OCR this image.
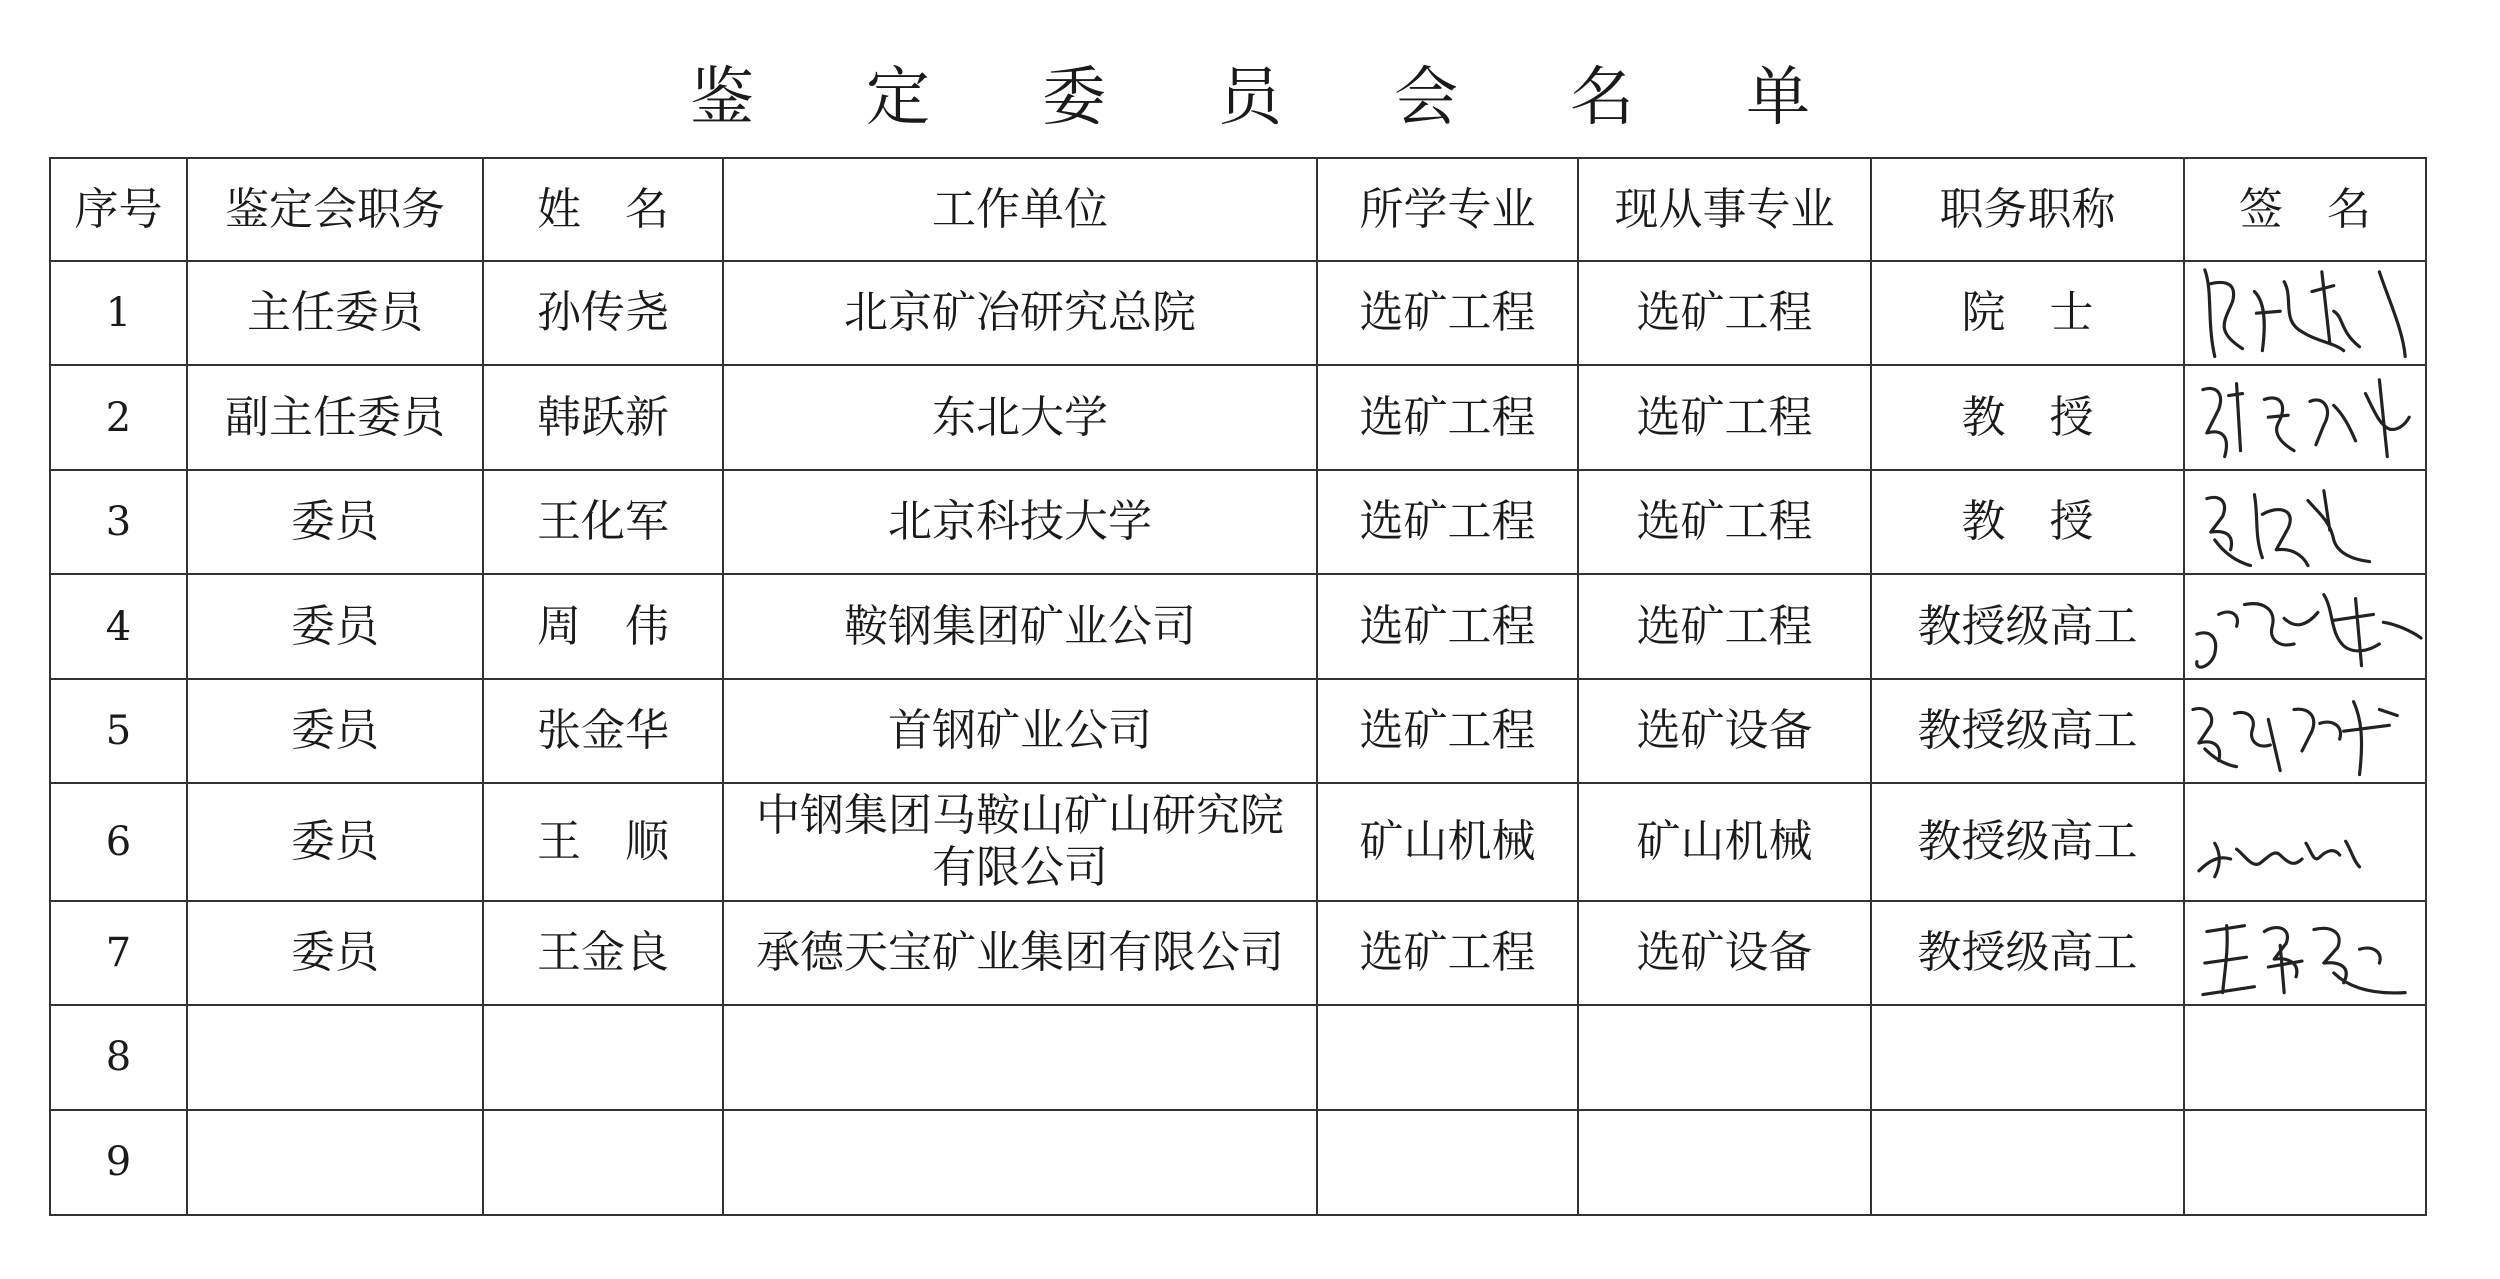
鉴定委员会名单
序号	鉴定会职务	姓　名	工作单位	所学专业	现从事专业	职务职称	签　名
1	主任委员	孙传尧	北京矿冶研究总院	选矿工程	选矿工程	院　士	

2	副主任委员	韩跃新	东北大学	选矿工程	选矿工程	教　授	

3	委员	王化军	北京科技大学	选矿工程	选矿工程	教　授	

4	委员	周　伟	鞍钢集团矿业公司	选矿工程	选矿工程	教授级高工	

5	委员	张金华	首钢矿业公司	选矿工程	选矿设备	教授级高工	

6	委员	王　顺	中钢集团马鞍山矿山研究院
有限公司	矿山机械	矿山机械	教授级高工	

7	委员	王金良	承德天宝矿业集团有限公司	选矿工程	选矿设备	教授级高工	

8							
9							
